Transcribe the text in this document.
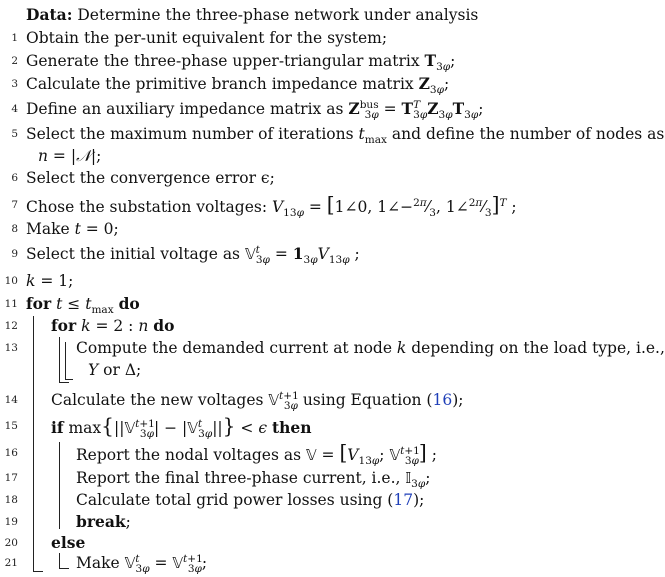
Data: Determine the three-phase network under analysis
1 Obtain the per-unit equivalent for the system;
2 Generate the three-phase upper-triangular matrix $T_{3\varphi}$;
3 Calculate the primitive branch impedance matrix $Z_{3\varphi}$;
4 Define an auxiliary impedance matrix as $Z^{bus}_{3\varphi} = T^T_{3\varphi}Z_{3\varphi}T_{3\varphi}$;
5 Select the maximum number of iterations $t_{max}$ and define the number of nodes as
n = |𝒩|;
6 Select the convergence error ϵ;
7 Chose the substation voltages: $V_{13\varphi}$ = [1∠0, $1\angle-^{2\pi}⁄_3$, $1\angle^{2\pi}⁄_3]^T$ ;
8 Make t = 0;
9 Select the initial voltage as 𝕍$^t_{3\varphi}$ = $1_{3\varphi}V_{13\varphi}$ ;
10 k = 1;
11 for $t \le t_{max}$ do
12 for k = 2 : n do
13	Compute the demanded current at node k depending on the load type, i.e.,
Y or Δ;
14 Calculate the new voltages 𝕍$^{t+1}_{3\varphi}$ using Equation (16);
15 if max{||𝕍$^{t+1}_{3\varphi}$| − |𝕍$^t_{3\varphi}$||} < ϵ then
16	Report the nodal voltages as 𝕍 = [$V_{13\varphi}$; 𝕍$^{t+1}_{3\varphi}$] ;
17	Report the final three-phase current, i.e., 𝕀$_{3\varphi}$;
18	Calculate total grid power losses using (17);
19	break;
20 else
21	Make 𝕍$^t_{3\varphi}$ = 𝕍$^{t+1}_{3\varphi}$;
